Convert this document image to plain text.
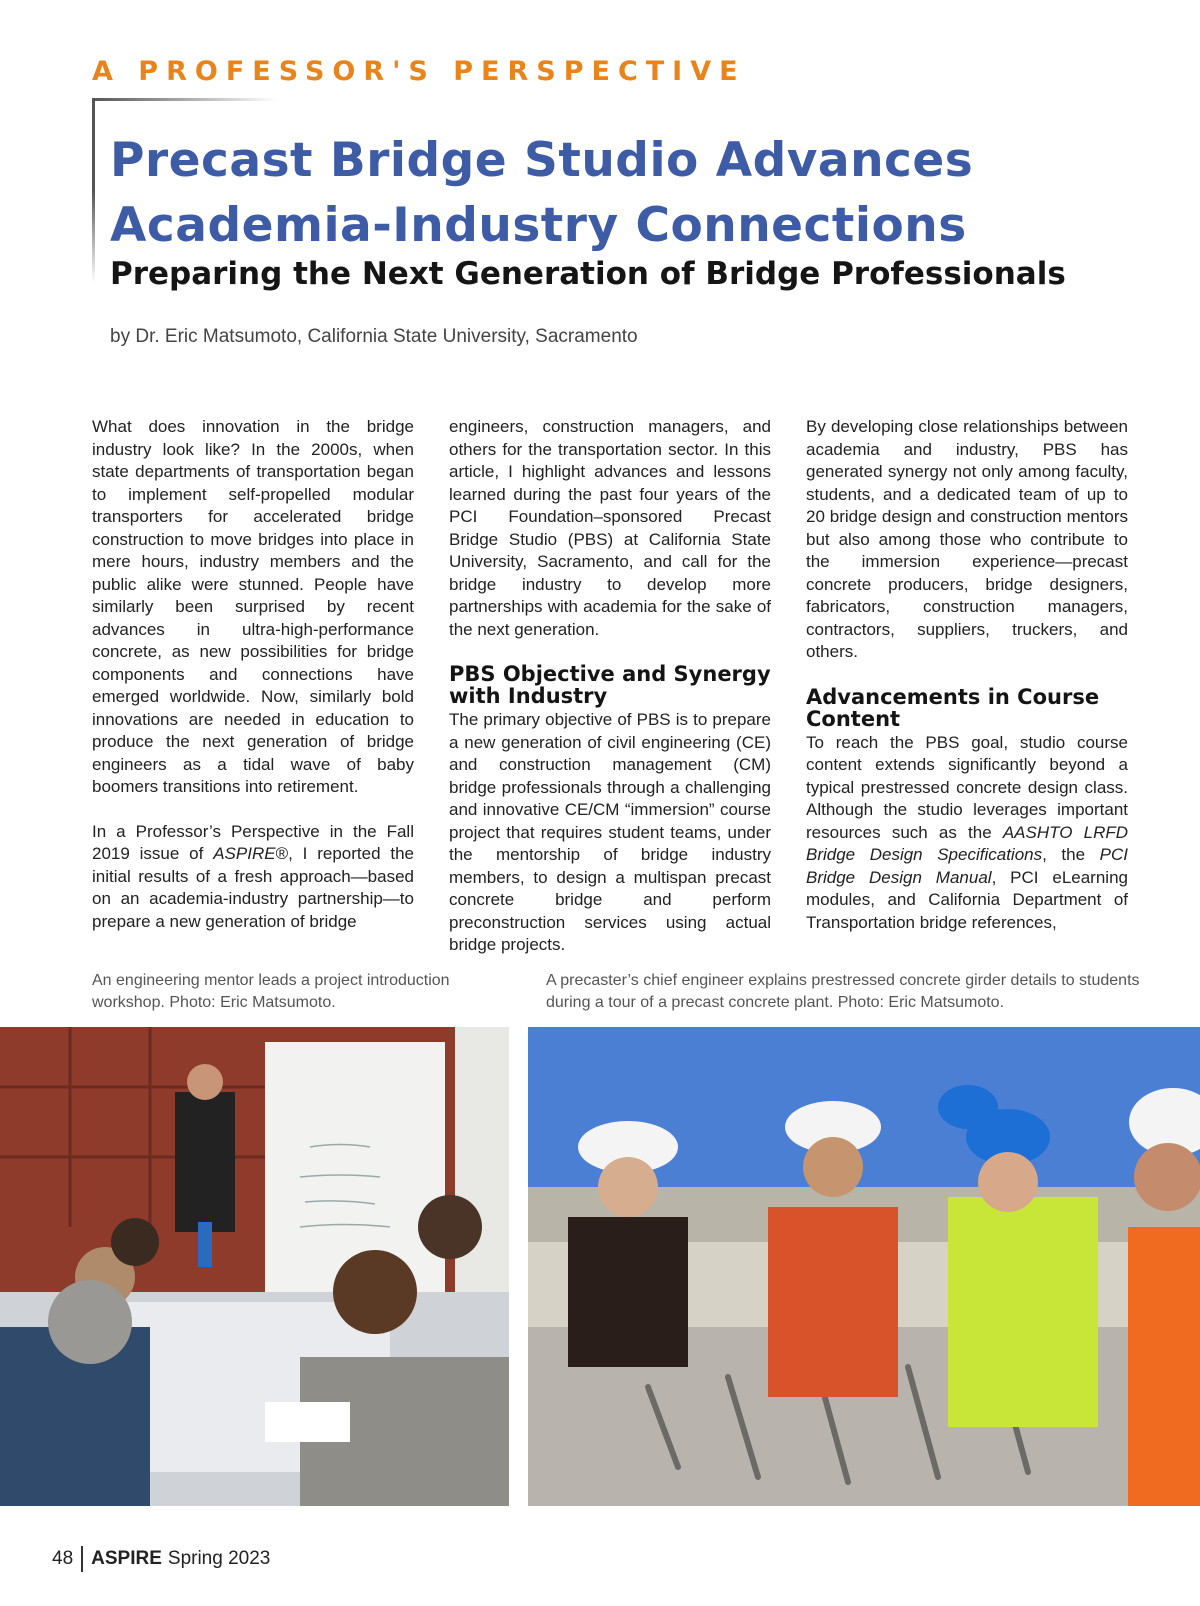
A PROFESSOR'S PERSPECTIVE
Precast Bridge Studio Advances
Academia-Industry Connections
Preparing the Next Generation of Bridge Professionals
by Dr. Eric Matsumoto, California State University, Sacramento

What does innovation in the bridge industry look like? In the 2000s, when state departments of transportation began to implement self-propelled modular transporters for accelerated bridge construction to move bridges into place in mere hours, industry members and the public alike were stunned. People have similarly been surprised by recent advances in ultra-high-performance concrete, as new possibilities for bridge components and connections have emerged worldwide. Now, similarly bold innovations are needed in education to produce the next generation of bridge engineers as a tidal wave of baby boomers transitions into retirement.

In a Professor’s Perspective in the Fall 2019 issue of ASPIRE®, I reported the initial results of a fresh approach—based on an academia-industry partnership—to prepare a new generation of bridge

engineers, construction managers, and others for the transportation sector. In this article, I highlight advances and lessons learned during the past four years of the PCI Foundation–sponsored Precast Bridge Studio (PBS) at California State University, Sacramento, and call for the bridge industry to develop more partnerships with academia for the sake of the next generation.

PBS Objective and Synergy with Industry

The primary objective of PBS is to prepare a new generation of civil engineering (CE) and construction management (CM) bridge professionals through a challenging and innovative CE/CM “immersion” course project that requires student teams, under the mentorship of bridge industry members, to design a multispan precast concrete bridge and perform preconstruction services using actual bridge projects.

By developing close relationships between academia and industry, PBS has generated synergy not only among faculty, students, and a dedicated team of up to 20 bridge design and construction mentors but also among those who contribute to the immersion experience—precast concrete producers, bridge designers, fabricators, construction managers, contractors, suppliers, truckers, and others.

Advancements in Course Content

To reach the PBS goal, studio course content extends significantly beyond a typical prestressed concrete design class. Although the studio leverages important resources such as the AASHTO LRFD Bridge Design Specifications, the PCI Bridge Design Manual, PCI eLearning modules, and California Department of Transportation bridge references,

An engineering mentor leads a project introduction workshop. Photo: Eric Matsumoto.
A precaster’s chief engineer explains prestressed concrete girder details to students during a tour of a precast concrete plant. Photo: Eric Matsumoto.
48 ASPIRE Spring 2023
